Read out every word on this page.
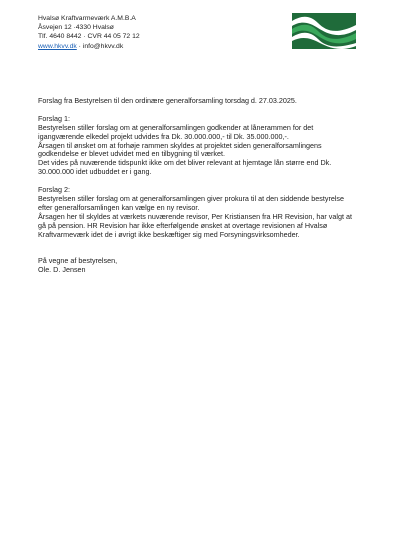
Hvalsø Kraftvarmeværk A.M.B.A
Åsvejen 12 ·4330 Hvalsø
Tlf. 4640 8442 · CVR 44 05 72 12
www.hkvv.dk · info@hkvv.dk

Forslag fra Bestyrelsen til den ordinære generalforsamling torsdag d. 27.03.2025.

Forslag 1:

Bestyrelsen stiller forslag om at generalforsamlingen godkender at lånerammen for det

igangværende elkedel projekt udvides fra Dk. 30.000.000,- til Dk. 35.000.000,-.

Årsagen til ønsket om at forhøje rammen skyldes at projektet siden generalforsamlingens

godkendelse er blevet udvidet med en tilbygning til værket.

Det vides på nuværende tidspunkt ikke om det bliver relevant at hjemtage lån større end Dk.

30.000.000 idet udbuddet er i gang.

Forslag 2:

Bestyrelsen stiller forslag om at generalforsamlingen giver prokura til at den siddende bestyrelse

efter generalforsamlingen kan vælge en ny revisor.

Årsagen her til skyldes at værkets nuværende revisor, Per Kristiansen fra HR Revision, har valgt at

gå på pension. HR Revision har ikke efterfølgende ønsket at overtage revisionen af Hvalsø

Kraftvarmeværk idet de i øvrigt ikke beskæftiger sig med Forsyningsvirksomheder.

På vegne af bestyrelsen,

Ole. D. Jensen
